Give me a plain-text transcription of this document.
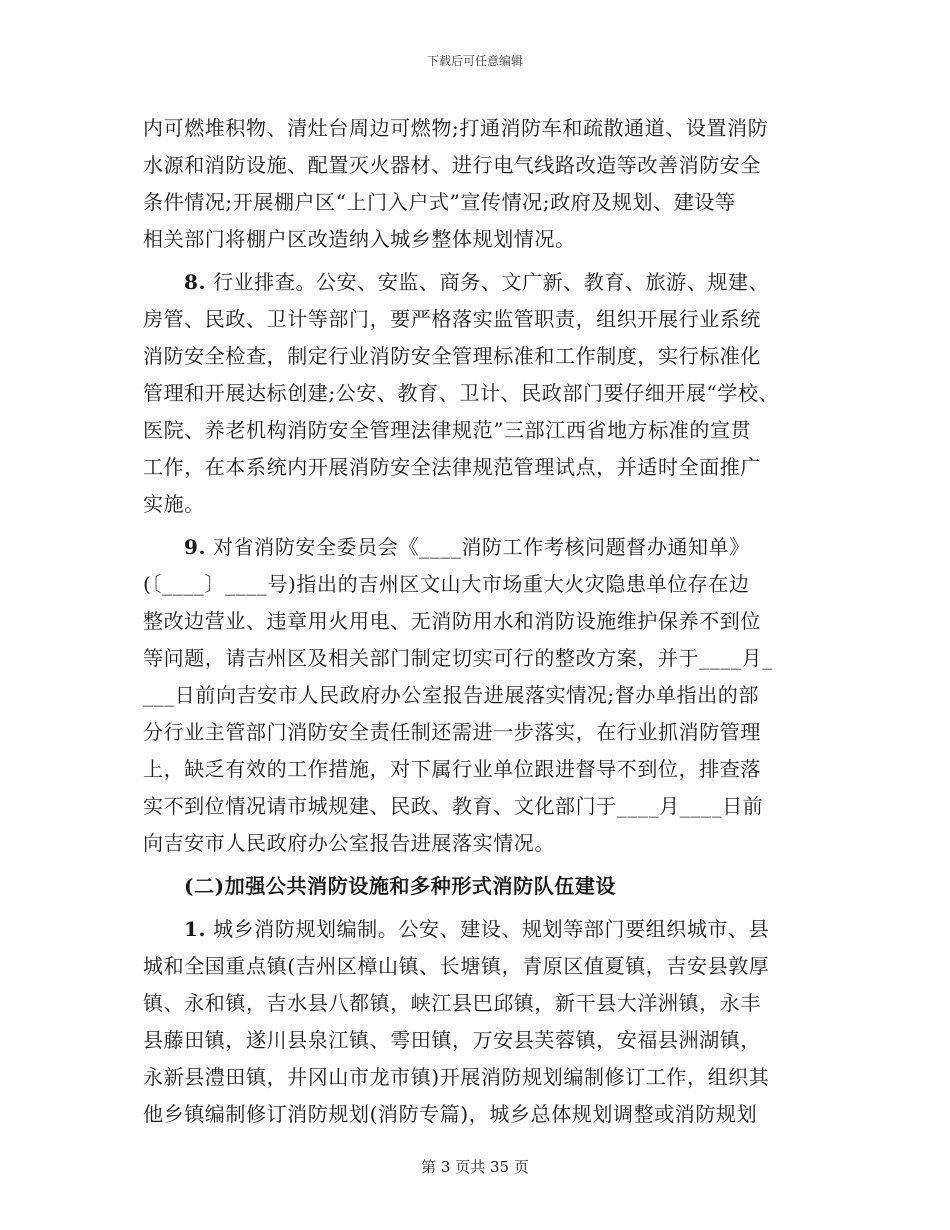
下载后可任意编辑
内可燃堆积物、清灶台周边可燃物;打通消防车和疏散通道、设置消防
水源和消防设施、配置灭火器材、进行电气线路改造等改善消防安全
条件情况;开展棚户区“上门入户式”宣传情况;政府及规划、建设等
相关部门将棚户区改造纳入城乡整体规划情况。
8. 行业排查。公安、安监、商务、文广新、教育、旅游、规建、
房管、民政、卫计等部门，要严格落实监管职责，组织开展行业系统
消防安全检查，制定行业消防安全管理标准和工作制度，实行标准化
管理和开展达标创建;公安、教育、卫计、民政部门要仔细开展“学校、
医院、养老机构消防安全管理法律规范”三部江西省地方标准的宣贯
工作，在本系统内开展消防安全法律规范管理试点，并适时全面推广
实施。
9. 对省消防安全委员会《____消防工作考核问题督办通知单》
(〔____〕____号)指出的吉州区文山大市场重大火灾隐患单位存在边
整改边营业、违章用火用电、无消防用水和消防设施维护保养不到位
等问题，请吉州区及相关部门制定切实可行的整改方案，并于____月_
___日前向吉安市人民政府办公室报告进展落实情况;督办单指出的部
分行业主管部门消防安全责任制还需进一步落实，在行业抓消防管理
上，缺乏有效的工作措施，对下属行业单位跟进督导不到位，排查落
实不到位情况请市城规建、民政、教育、文化部门于____月____日前
向吉安市人民政府办公室报告进展落实情况。
(二)加强公共消防设施和多种形式消防队伍建设
1. 城乡消防规划编制。公安、建设、规划等部门要组织城市、县
城和全国重点镇(吉州区樟山镇、长塘镇，青原区值夏镇，吉安县敦厚
镇、永和镇，吉水县八都镇，峡江县巴邱镇，新干县大洋洲镇，永丰
县藤田镇，遂川县泉江镇、雩田镇，万安县芙蓉镇，安福县洲湖镇，
永新县澧田镇，井冈山市龙市镇)开展消防规划编制修订工作，组织其
他乡镇编制修订消防规划(消防专篇)，城乡总体规划调整或消防规划
第 3 页共 35 页
